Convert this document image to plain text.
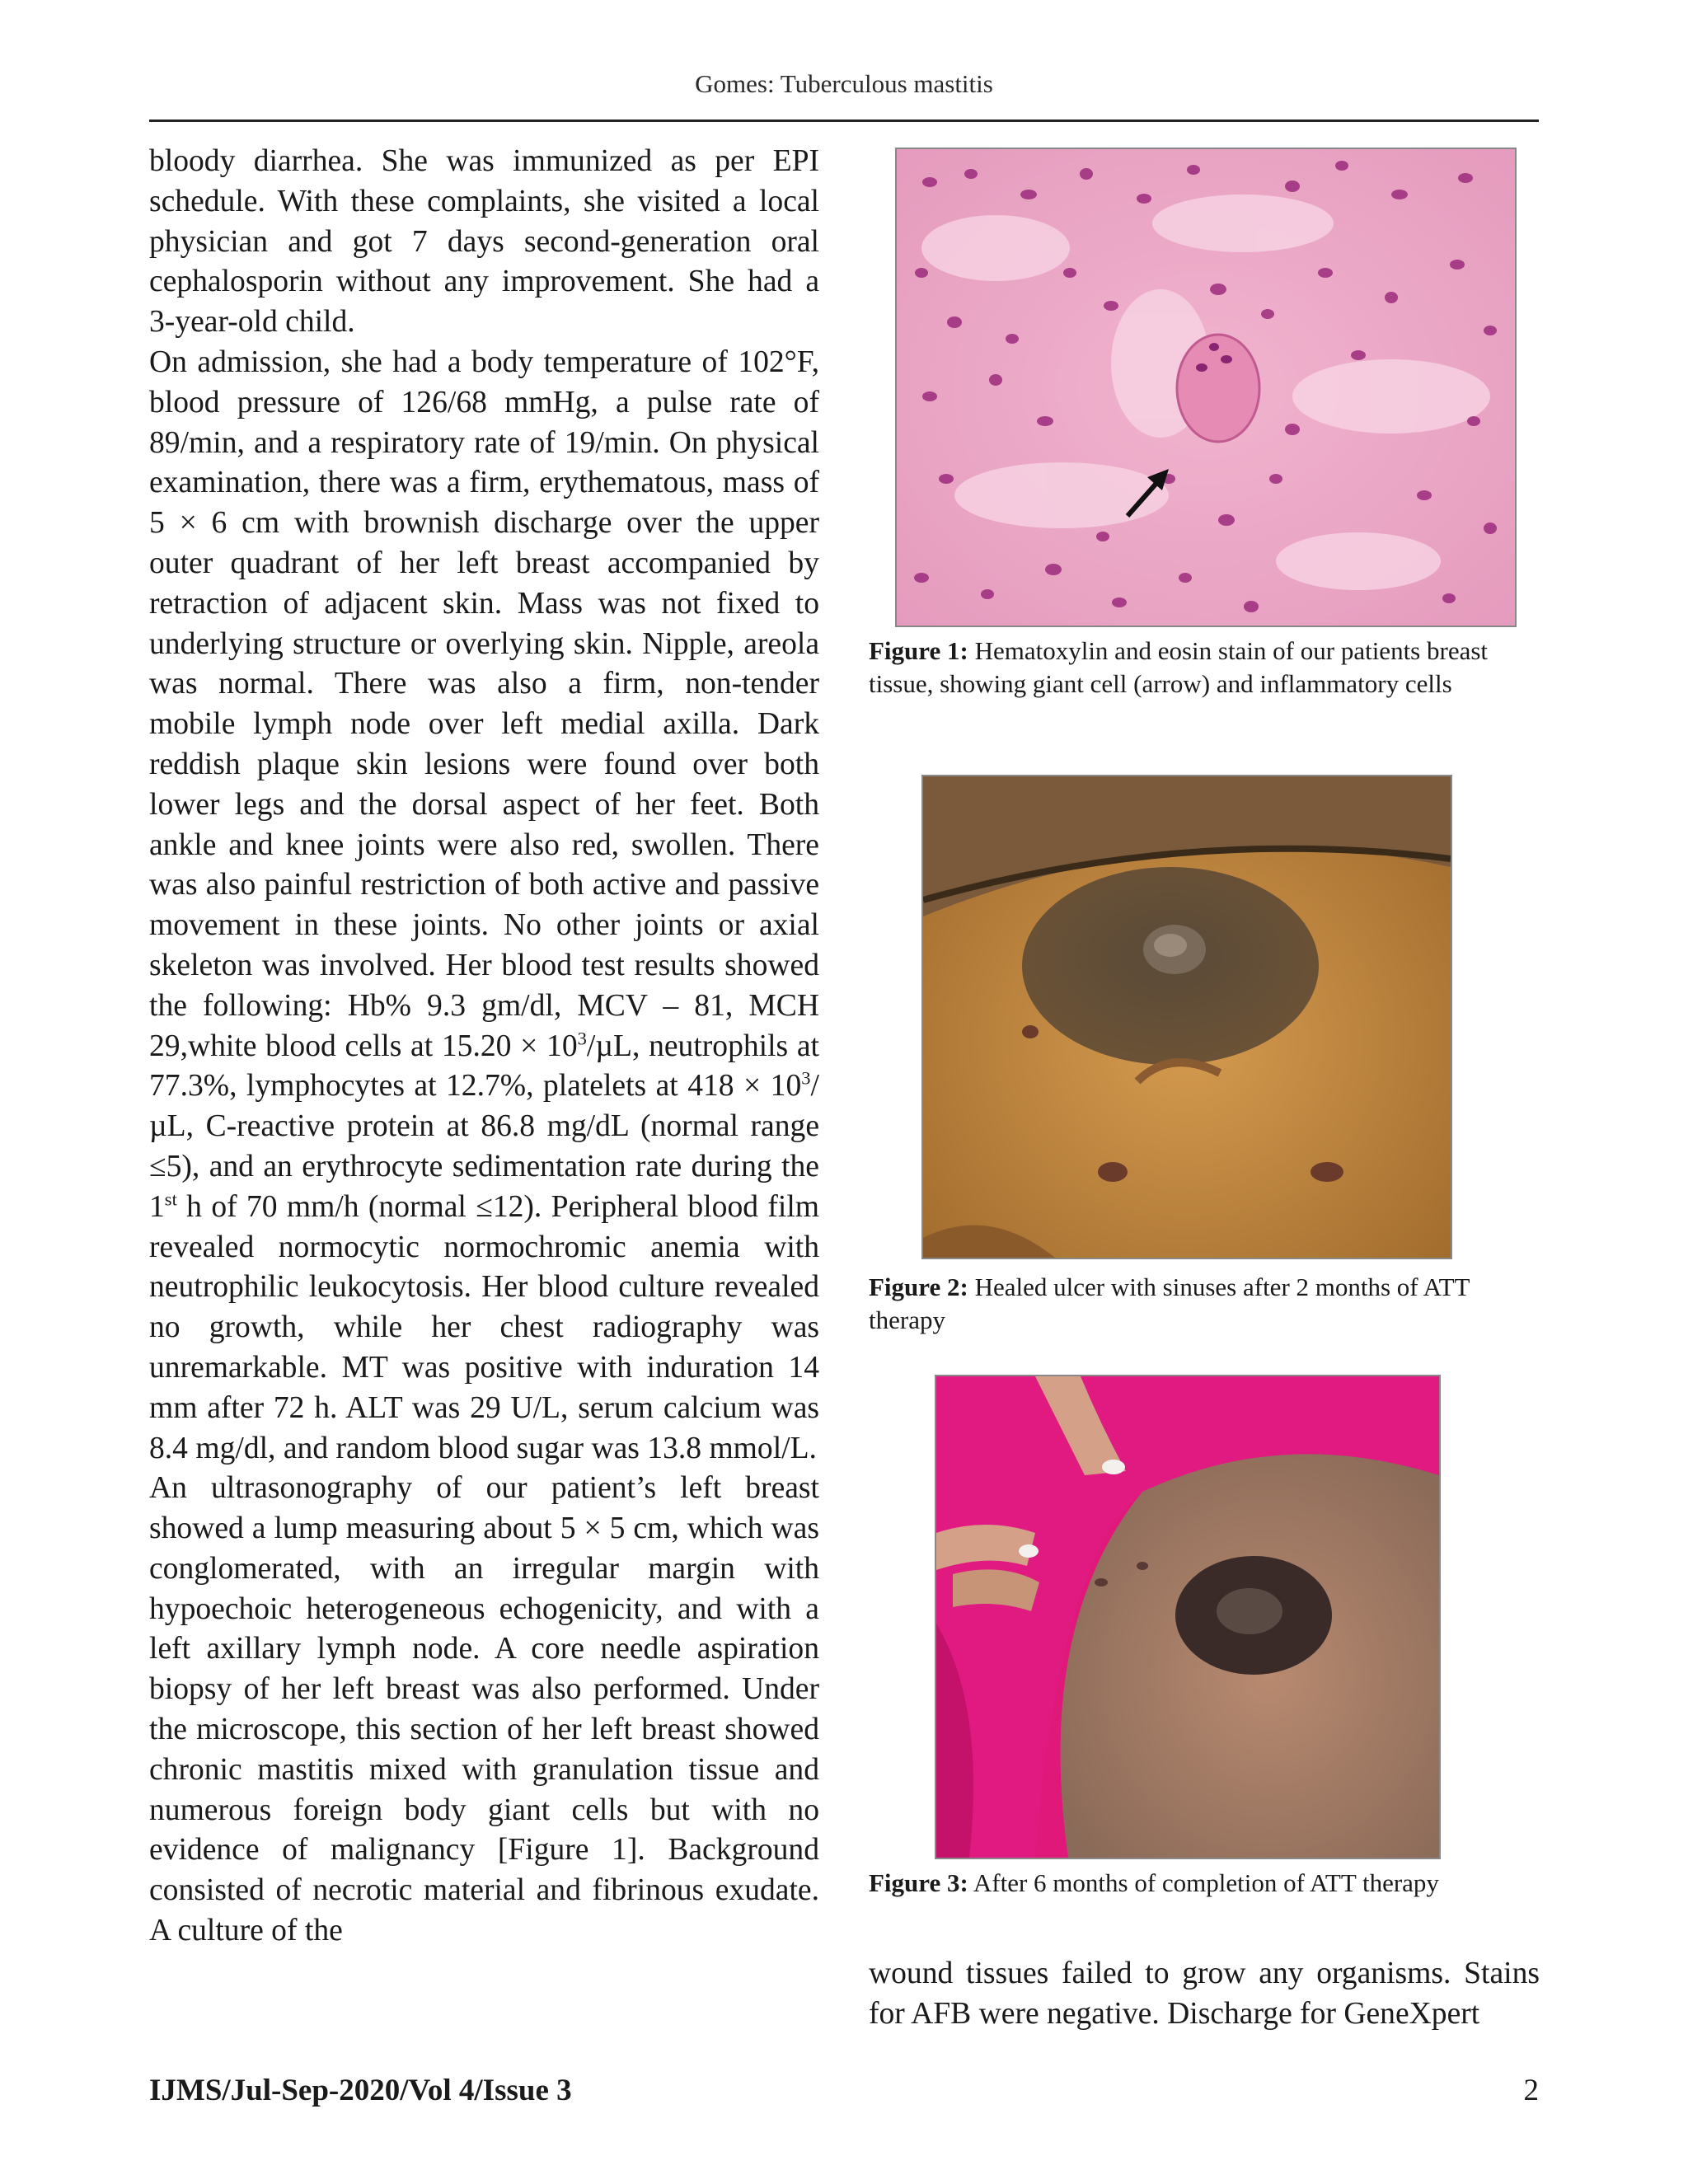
Gomes: Tuberculous mastitis

bloody diarrhea. She was immunized as per EPI schedule. With these complaints, she visited a local physician and got 7 days second-generation oral cephalosporin without any improvement. She had a 3-year-old child.

On admission, she had a body temperature of 102°F, blood pressure of 126/68 mmHg, a pulse rate of 89/min, and a respiratory rate of 19/min. On physical examination, there was a firm, erythematous, mass of 5 × 6 cm with brownish discharge over the upper outer quadrant of her left breast accompanied by retraction of adjacent skin. Mass was not fixed to underlying structure or overlying skin. Nipple, areola was normal. There was also a firm, non-tender mobile lymph node over left medial axilla. Dark reddish plaque skin lesions were found over both lower legs and the dorsal aspect of her feet. Both ankle and knee joints were also red, swollen. There was also painful restriction of both active and passive movement in these joints. No other joints or axial skeleton was involved. Her blood test results showed the following: Hb% 9.3 gm/dl, MCV – 81, MCH 29,white blood cells at $15.20 \times 10^3/\mu L$, neutrophils at 77.3%, lymphocytes at 12.7%, platelets at $418 \times 10^3/\mu L$, C-reactive protein at 86.8 mg/dL (normal range ≤5), and an erythrocyte sedimentation rate during the 1st h of 70 mm/h (normal ≤12). Peripheral blood film revealed normocytic normochromic anemia with neutrophilic leukocytosis. Her blood culture revealed no growth, while her chest radiography was unremarkable. MT was positive with induration 14 mm after 72 h. ALT was 29 U/L, serum calcium was 8.4 mg/dl, and random blood sugar was 13.8 mmol/L.

An ultrasonography of our patient’s left breast showed a lump measuring about 5 × 5 cm, which was conglomerated, with an irregular margin with hypoechoic heterogeneous echogenicity, and with a left axillary lymph node. A core needle aspiration biopsy of her left breast was also performed. Under the microscope, this section of her left breast showed chronic mastitis mixed with granulation tissue and numerous foreign body giant cells but with no evidence of malignancy [Figure 1]. Background consisted of necrotic material and fibrinous exudate. A culture of the

Figure 1: Hematoxylin and eosin stain of our patients breast tissue, showing giant cell (arrow) and inflammatory cells
Figure 2: Healed ulcer with sinuses after 2 months of ATT therapy
Figure 3: After 6 months of completion of ATT therapy

wound tissues failed to grow any organisms. Stains for AFB were negative. Discharge for GeneXpert

IJMS/Jul-Sep-2020/Vol 4/Issue 3	2
